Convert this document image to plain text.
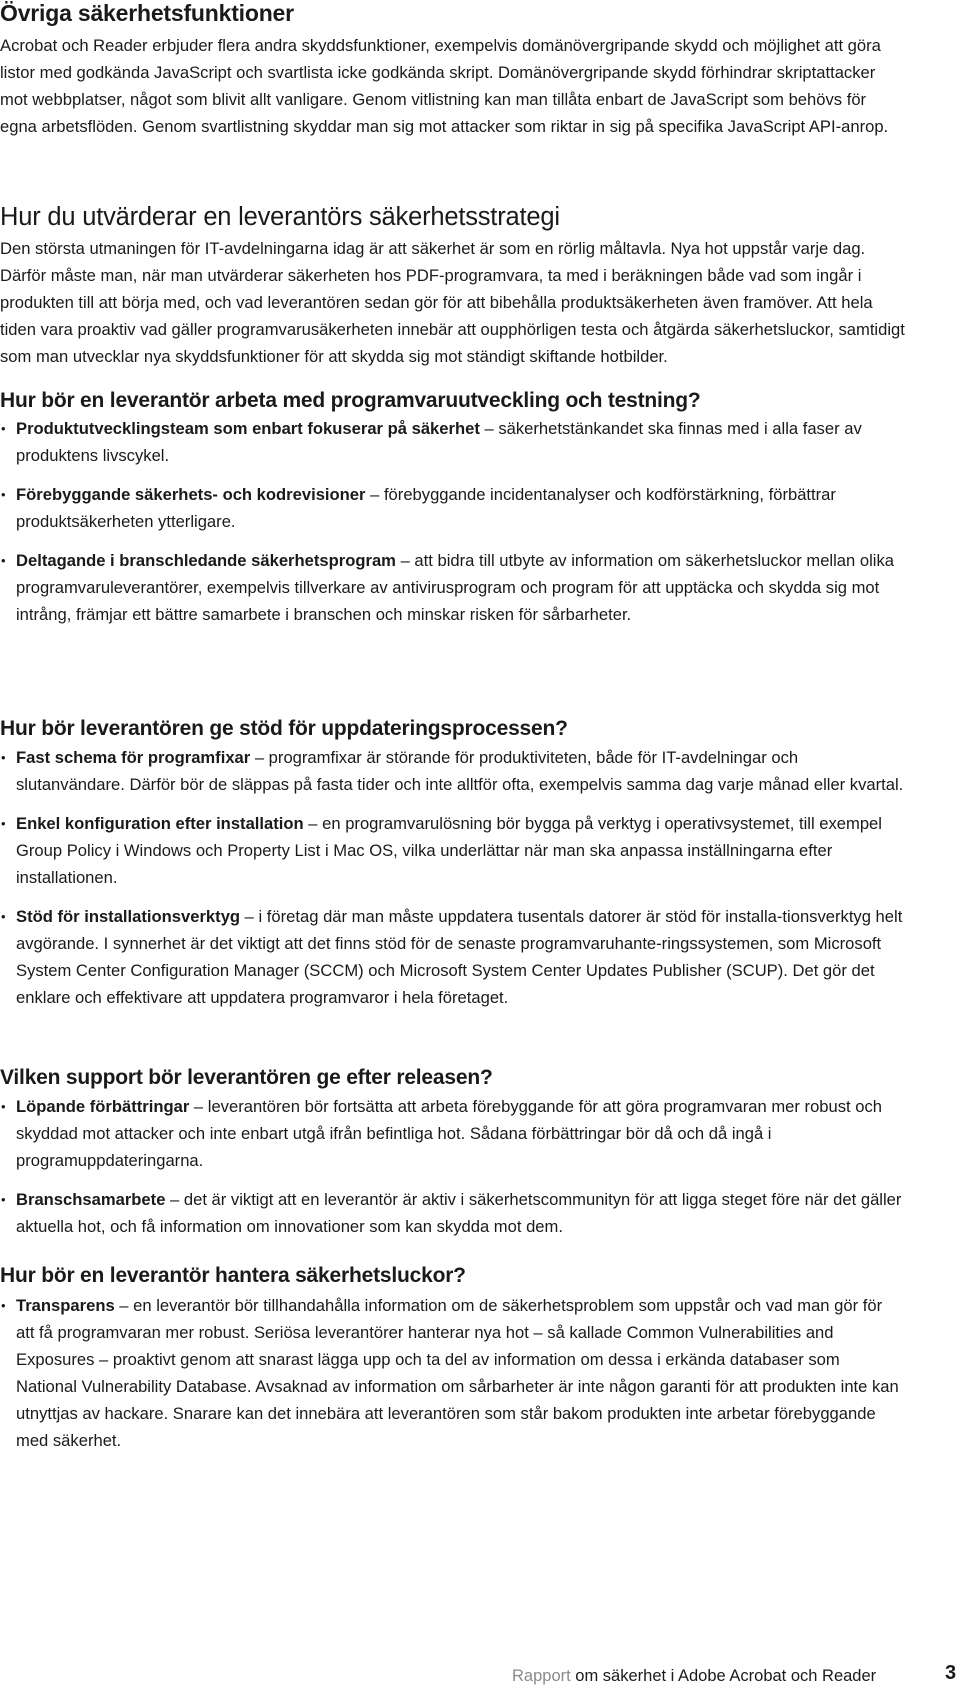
Övriga säkerhetsfunktioner

Acrobat och Reader erbjuder flera andra skyddsfunktioner, exempelvis domänövergripande skydd och möjlighet att göra listor med godkända JavaScript och svartlista icke godkända skript. Domänövergripande skydd förhindrar skriptattacker mot webbplatser, något som blivit allt vanligare. Genom vitlistning kan man tillåta enbart de JavaScript som behövs för egna arbetsflöden. Genom svartlistning skyddar man sig mot attacker som riktar in sig på specifika JavaScript API-anrop.

Hur du utvärderar en leverantörs säkerhetsstrategi

Den största utmaningen för IT-avdelningarna idag är att säkerhet är som en rörlig måltavla. Nya hot uppstår varje dag. Därför måste man, när man utvärderar säkerheten hos PDF-programvara, ta med i beräkningen både vad som ingår i produkten till att börja med, och vad leverantören sedan gör för att bibehålla produktsäkerheten även framöver. Att hela tiden vara proaktiv vad gäller programvarusäkerheten innebär att oupphörligen testa och åtgärda säkerhetsluckor, samtidigt som man utvecklar nya skyddsfunktioner för att skydda sig mot ständigt skiftande hotbilder.

Hur bör en leverantör arbeta med programvaruutveckling och testning?
• Produktutvecklingsteam som enbart fokuserar på säkerhet – säkerhetstänkandet ska finnas med i alla faser av produktens livscykel.
• Förebyggande säkerhets- och kodrevisioner – förebyggande incidentanalyser och kodförstärkning, förbättrar produktsäkerheten ytterligare.
• Deltagande i branschledande säkerhetsprogram – att bidra till utbyte av information om säkerhetsluckor mellan olika programvaruleverantörer, exempelvis tillverkare av antivirusprogram och program för att upptäcka och skydda sig mot intrång, främjar ett bättre samarbete i branschen och minskar risken för sårbarheter.
Hur bör leverantören ge stöd för uppdateringsprocessen?
• Fast schema för programfixar – programfixar är störande för produktiviteten, både för IT-avdelningar och slutanvändare. Därför bör de släppas på fasta tider och inte alltför ofta, exempelvis samma dag varje månad eller kvartal.
• Enkel konfiguration efter installation – en programvarulösning bör bygga på verktyg i operativsystemet, till exempel Group Policy i Windows och Property List i Mac OS, vilka underlättar när man ska anpassa inställningarna efter installationen.
• Stöd för installationsverktyg – i företag där man måste uppdatera tusentals datorer är stöd för installa-tionsverktyg helt avgörande. I synnerhet är det viktigt att det finns stöd för de senaste programvaruhante-ringssystemen, som Microsoft System Center Configuration Manager (SCCM) och Microsoft System Center Updates Publisher (SCUP). Det gör det enklare och effektivare att uppdatera programvaror i hela företaget.
Vilken support bör leverantören ge efter releasen?
• Löpande förbättringar – leverantören bör fortsätta att arbeta förebyggande för att göra programvaran mer robust och skyddad mot attacker och inte enbart utgå ifrån befintliga hot. Sådana förbättringar bör då och då ingå i programuppdateringarna.
• Branschsamarbete – det är viktigt att en leverantör är aktiv i säkerhetscommunityn för att ligga steget före när det gäller aktuella hot, och få information om innovationer som kan skydda mot dem.
Hur bör en leverantör hantera säkerhetsluckor?
• Transparens – en leverantör bör tillhandahålla information om de säkerhetsproblem som uppstår och vad man gör för att få programvaran mer robust. Seriösa leverantörer hanterar nya hot – så kallade Common Vulnerabilities and Exposures – proaktivt genom att snarast lägga upp och ta del av information om dessa i erkända databaser som National Vulnerability Database. Avsaknad av information om sårbarheter är inte någon garanti för att produkten inte kan utnyttjas av hackare. Snarare kan det innebära att leverantören som står bakom produkten inte arbetar förebyggande med säkerhet.
Rapport om säkerhet i Adobe Acrobat och Reader	3
